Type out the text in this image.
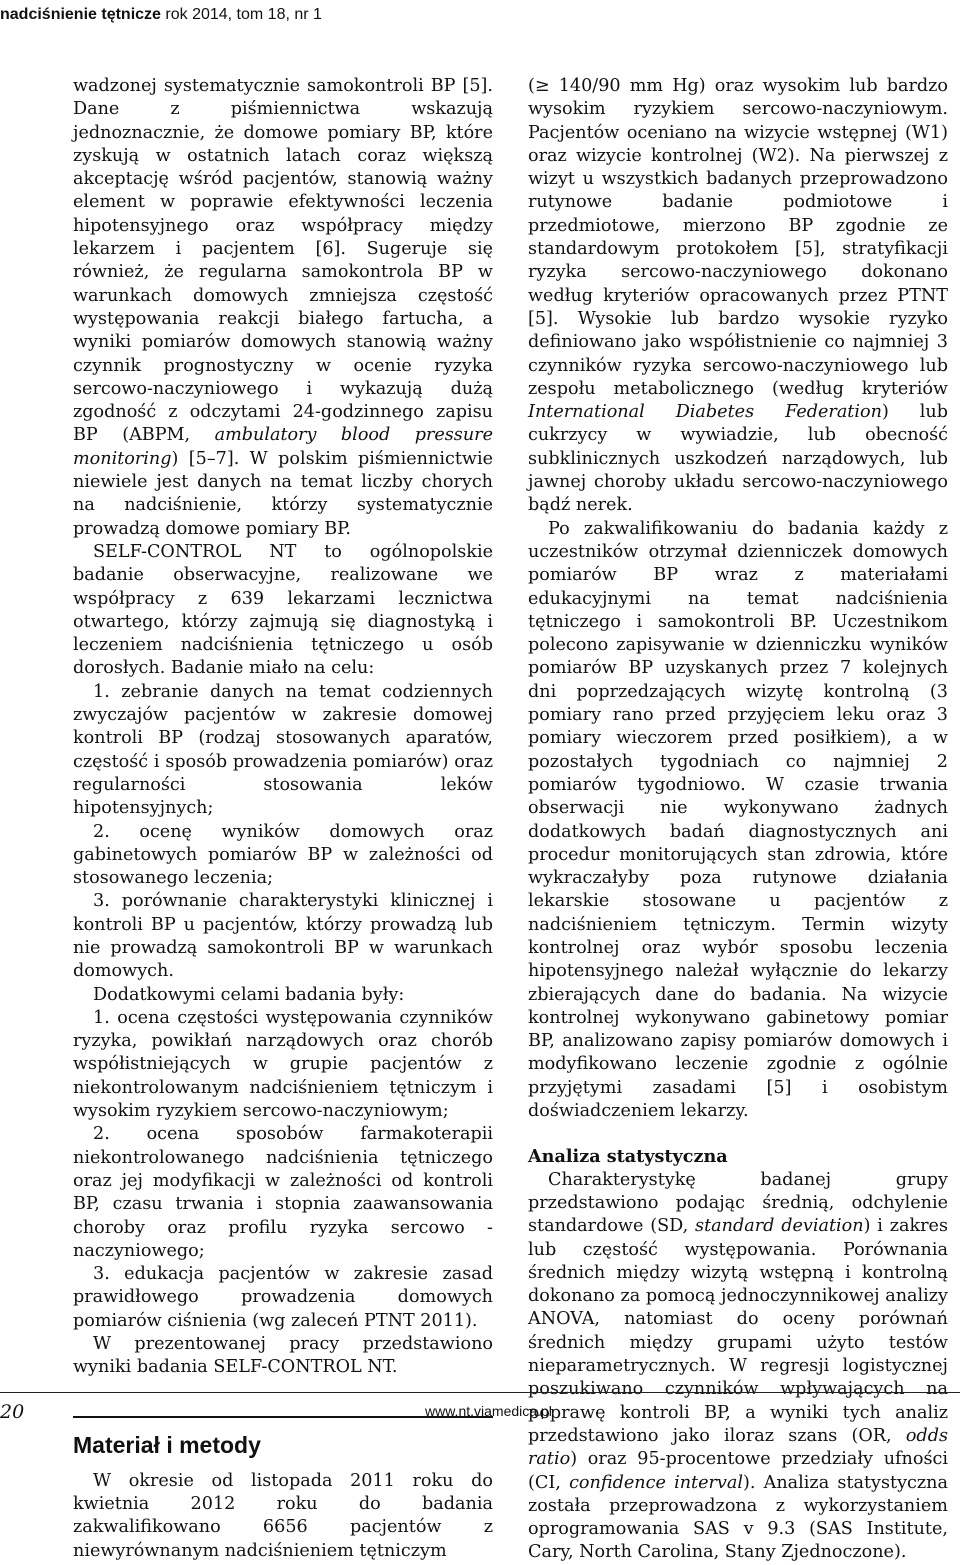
nadciśnienie tętnicze rok 2014, tom 18, nr 1

wadzonej systematycznie samokontroli BP [5]. Dane z piśmiennictwa wskazują jednoznacznie, że domowe pomiary BP, które zyskują w ostatnich latach coraz większą akceptację wśród pacjentów, stanowią ważny element w poprawie efektywności leczenia hipotensyjnego oraz współpracy między lekarzem i pacjentem [6]. Sugeruje się również, że regularna samokontrola BP w warunkach domowych zmniejsza częstość występowania reakcji białego fartucha, a wyniki pomiarów domowych stanowią ważny czynnik prognostyczny w ocenie ryzyka sercowo-naczyniowego i wykazują dużą zgodność z odczytami 24-godzinnego zapisu BP (ABPM, ambulatory blood pressure monitoring) [5–7]. W polskim piśmiennictwie niewiele jest danych na temat liczby chorych na nadciśnienie, którzy systematycznie prowadzą domowe pomiary BP.

SELF-CONTROL NT to ogólnopolskie badanie obserwacyjne, realizowane we współpracy z 639 lekarzami lecznictwa otwartego, którzy zajmują się diagnostyką i leczeniem nadciśnienia tętniczego u osób dorosłych. Badanie miało na celu:

1. zebranie danych na temat codziennych zwyczajów pacjentów w zakresie domowej kontroli BP (rodzaj stosowanych aparatów, częstość i sposób prowadzenia pomiarów) oraz regularności stosowania leków hipotensyjnych;

2. ocenę wyników domowych oraz gabinetowych pomiarów BP w zależności od stosowanego leczenia;

3. porównanie charakterystyki klinicznej i kontroli BP u pacjentów, którzy prowadzą lub nie prowadzą samokontroli BP w warunkach domowych.

Dodatkowymi celami badania były:

1. ocena częstości występowania czynników ryzyka, powikłań narządowych oraz chorób współistniejących w grupie pacjentów z niekontrolowanym nadciśnieniem tętniczym i wysokim ryzykiem sercowo-naczyniowym;

2. ocena sposobów farmakoterapii niekontrolowanego nadciśnienia tętniczego oraz jej modyfikacji w zależności od kontroli BP, czasu trwania i stopnia zaawansowania choroby oraz profilu ryzyka sercowo -naczyniowego;

3. edukacja pacjentów w zakresie zasad prawidłowego prowadzenia domowych pomiarów ciśnienia (wg zaleceń PTNT 2011).

W prezentowanej pracy przedstawiono wyniki badania SELF-CONTROL NT.

Materiał i metody

W okresie od listopada 2011 roku do kwietnia 2012 roku do badania zakwalifikowano 6656 pacjentów z niewyrównanym nadciśnieniem tętniczym

(≥ 140/90 mm Hg) oraz wysokim lub bardzo wysokim ryzykiem sercowo-naczyniowym. Pacjentów oceniano na wizycie wstępnej (W1) oraz wizycie kontrolnej (W2). Na pierwszej z wizyt u wszystkich badanych przeprowadzono rutynowe badanie podmiotowe i przedmiotowe, mierzono BP zgodnie ze standardowym protokołem [5], stratyfikacji ryzyka sercowo-naczyniowego dokonano według kryteriów opracowanych przez PTNT [5]. Wysokie lub bardzo wysokie ryzyko definiowano jako współistnienie co najmniej 3 czynników ryzyka sercowo-naczyniowego lub zespołu metabolicznego (według kryteriów International Diabetes Federation) lub cukrzycy w wywiadzie, lub obecność subklinicznych uszkodzeń narządowych, lub jawnej choroby układu sercowo-naczyniowego bądź nerek.

Po zakwalifikowaniu do badania każdy z uczestników otrzymał dzienniczek domowych pomiarów BP wraz z materiałami edukacyjnymi na temat nadciśnienia tętniczego i samokontroli BP. Uczestnikom polecono zapisywanie w dzienniczku wyników pomiarów BP uzyskanych przez 7 kolejnych dni poprzedzających wizytę kontrolną (3 pomiary rano przed przyjęciem leku oraz 3 pomiary wieczorem przed posiłkiem), a w pozostałych tygodniach co najmniej 2 pomiarów tygodniowo. W czasie trwania obserwacji nie wykonywano żadnych dodatkowych badań diagnostycznych ani procedur monitorujących stan zdrowia, które wykraczałyby poza rutynowe działania lekarskie stosowane u pacjentów z nadciśnieniem tętniczym. Termin wizyty kontrolnej oraz wybór sposobu leczenia hipotensyjnego należał wyłącznie do lekarzy zbierających dane do badania. Na wizycie kontrolnej wykonywano gabinetowy pomiar BP, analizowano zapisy pomiarów domowych i modyfikowano leczenie zgodnie z ogólnie przyjętymi zasadami [5] i osobistym doświadczeniem lekarzy.

Analiza statystyczna

Charakterystykę badanej grupy przedstawiono podając średnią, odchylenie standardowe (SD, standard deviation) i zakres lub częstość występowania. Porównania średnich między wizytą wstępną i kontrolną dokonano za pomocą jednoczynnikowej analizy ANOVA, natomiast do oceny porównań średnich między grupami użyto testów nieparametrycznych. W regresji logistycznej poszukiwano czynników wpływających na poprawę kontroli BP, a wyniki tych analiz przedstawiono jako iloraz szans (OR, odds ratio) oraz 95-procentowe przedziały ufności (CI, confidence interval). Analiza statystyczna została przeprowadzona z wykorzystaniem oprogramowania SAS v 9.3 (SAS Institute, Cary, North Carolina, Stany Zjednoczone).

20	www.nt.viamedica.pl
